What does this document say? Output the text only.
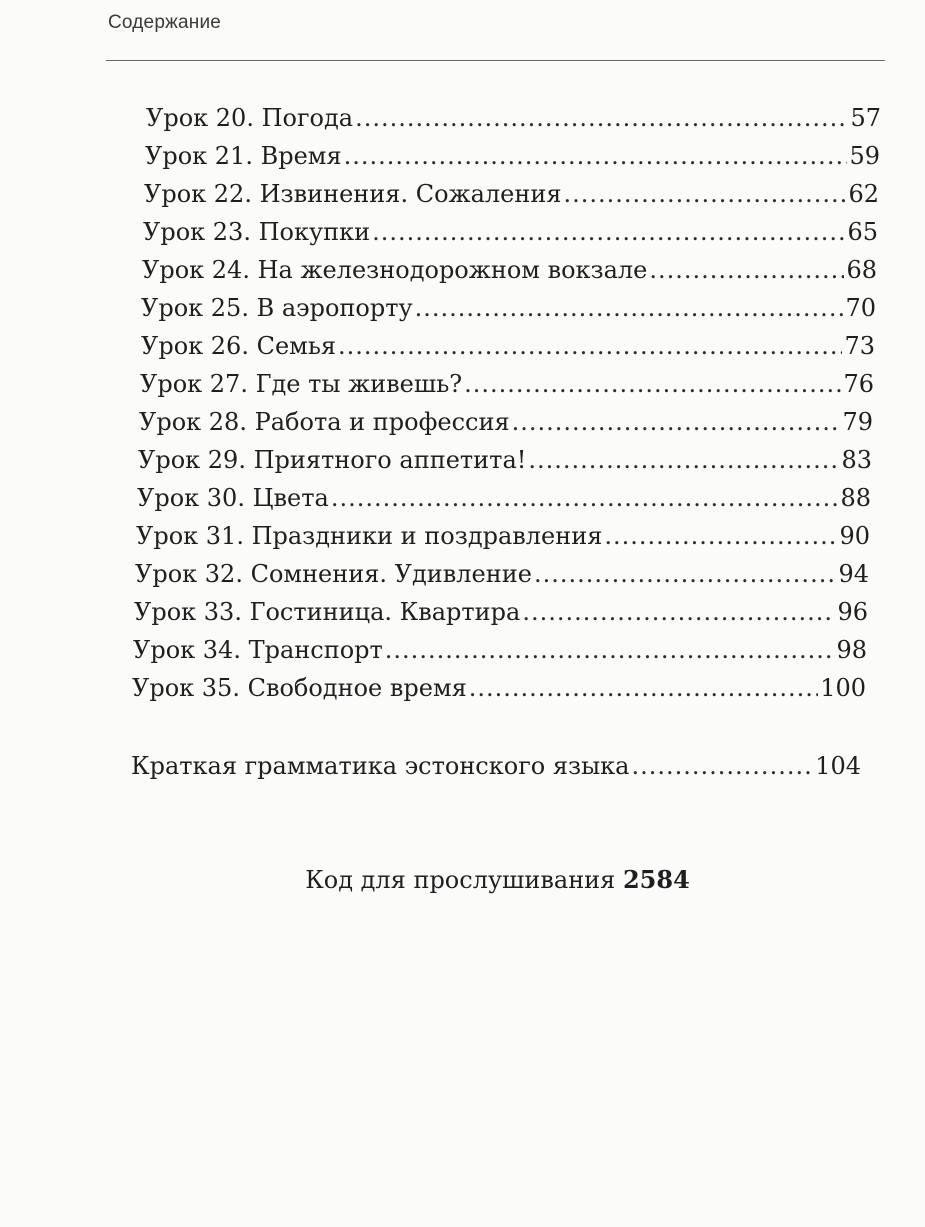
Содержание
Урок 20. Погода .....	57
Урок 21. Время .....	59
Урок 22. Извинения. Сожаления .....	62
Урок 23. Покупки .....	65
Урок 24. На железнодорожном вокзале .....	68
Урок 25. В аэропорту .....	70
Урок 26. Семья .....	73
Урок 27. Где ты живешь? .....	76
Урок 28. Работа и профессия .....	79
Урок 29. Приятного аппетита! .....	83
Урок 30. Цвета .....	88
Урок 31. Праздники и поздравления .....	90
Урок 32. Сомнения. Удивление .....	94
Урок 33. Гостиница. Квартира .....	96
Урок 34. Транспорт .....	98
Урок 35. Свободное время .....	100
Краткая грамматика эстонского языка .....	104
Код для прослушивания 2584
